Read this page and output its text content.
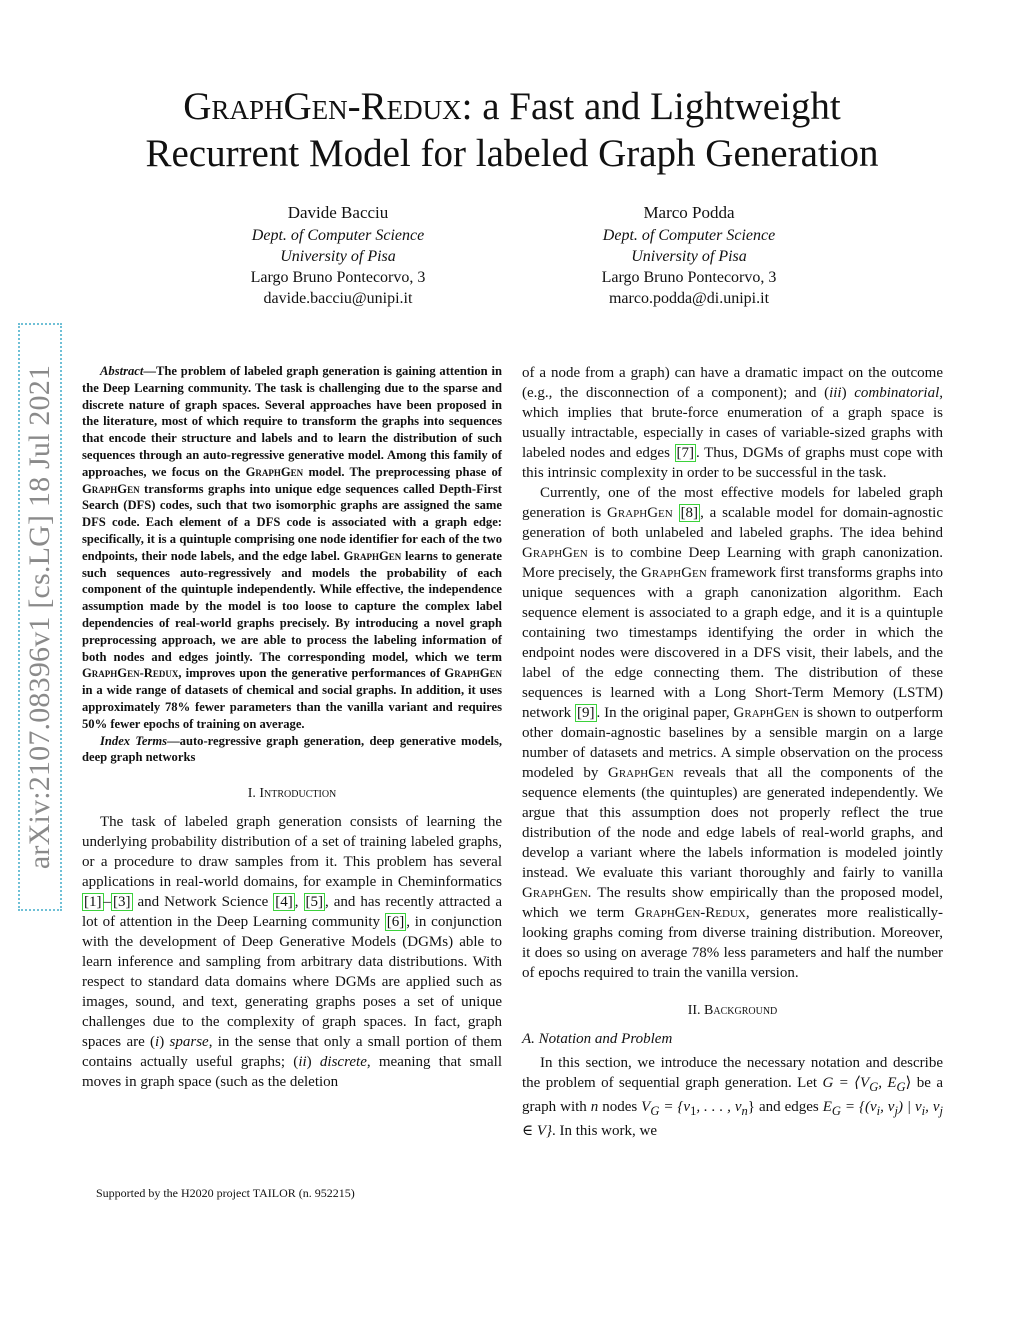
arXiv:2107.08396v1 [cs.LG] 18 Jul 2021
GraphGen-Redux: a Fast and Lightweight
Recurrent Model for labeled Graph Generation
Davide Bacciu
Dept. of Computer Science
University of Pisa
Largo Bruno Pontecorvo, 3
davide.bacciu@unipi.it
Marco Podda
Dept. of Computer Science
University of Pisa
Largo Bruno Pontecorvo, 3
marco.podda@di.unipi.it

Abstract—The problem of labeled graph generation is gaining attention in the Deep Learning community. The task is challenging due to the sparse and discrete nature of graph spaces. Several approaches have been proposed in the literature, most of which require to transform the graphs into sequences that encode their structure and labels and to learn the distribution of such sequences through an auto-regressive generative model. Among this family of approaches, we focus on the GraphGen model. The preprocessing phase of GraphGen transforms graphs into unique edge sequences called Depth-First Search (DFS) codes, such that two isomorphic graphs are assigned the same DFS code. Each element of a DFS code is associated with a graph edge: specifically, it is a quintuple comprising one node identifier for each of the two endpoints, their node labels, and the edge label. GraphGen learns to generate such sequences auto-regressively and models the probability of each component of the quintuple independently. While effective, the independence assumption made by the model is too loose to capture the complex label dependencies of real-world graphs precisely. By introducing a novel graph preprocessing approach, we are able to process the labeling information of both nodes and edges jointly. The corresponding model, which we term GraphGen-Redux, improves upon the generative performances of GraphGen in a wide range of datasets of chemical and social graphs. In addition, it uses approximately 78% fewer parameters than the vanilla variant and requires 50% fewer epochs of training on average.

Index Terms—auto-regressive graph generation, deep generative models, deep graph networks

I. Introduction

The task of labeled graph generation consists of learning the underlying probability distribution of a set of training labeled graphs, or a procedure to draw samples from it. This problem has several applications in real-world domains, for example in Cheminformatics [1] – [3] and Network Science [4] , [5] , and has recently attracted a lot of attention in the Deep Learning community [6] , in conjunction with the development of Deep Generative Models (DGMs) able to learn inference and sampling from arbitrary data distributions. With respect to standard data domains where DGMs are applied such as images, sound, and text, generating graphs poses a set of unique challenges due to the complexity of graph spaces. In fact, graph spaces are (i) sparse, in the sense that only a small portion of them contains actually useful graphs; (ii) discrete, meaning that small moves in graph space (such as the deletion

of a node from a graph) can have a dramatic impact on the outcome (e.g., the disconnection of a component); and (iii) combinatorial, which implies that brute-force enumeration of a graph space is usually intractable, especially in cases of variable-sized graphs with labeled nodes and edges [7] . Thus, DGMs of graphs must cope with this intrinsic complexity in order to be successful in the task.

Currently, one of the most effective models for labeled graph generation is GraphGen [8] , a scalable model for domain-agnostic generation of both unlabeled and labeled graphs. The idea behind GraphGen is to combine Deep Learning with graph canonization. More precisely, the GraphGen framework first transforms graphs into unique sequences with a graph canonization algorithm. Each sequence element is associated to a graph edge, and it is a quintuple containing two timestamps identifying the order in which the endpoint nodes were discovered in a DFS visit, their labels, and the label of the edge connecting them. The distribution of these sequences is learned with a Long Short-Term Memory (LSTM) network [9] . In the original paper, GraphGen is shown to outperform other domain-agnostic baselines by a sensible margin on a large number of datasets and metrics. A simple observation on the process modeled by GraphGen reveals that all the components of the sequence elements (the quintuples) are generated independently. We argue that this assumption does not properly reflect the true distribution of the node and edge labels of real-world graphs, and develop a variant where the labels information is modeled jointly instead. We evaluate this variant thoroughly and fairly to vanilla GraphGen. The results show empirically than the proposed model, which we term GraphGen-Redux, generates more realistically-looking graphs coming from diverse training distribution. Moreover, it does so using on average 78% less parameters and half the number of epochs required to train the vanilla version.

II. Background
A. Notation and Problem

In this section, we introduce the necessary notation and describe the problem of sequential graph generation. Let $G = ⟨V_G$, $E_G⟩$ be a graph with n nodes $V_G = \{v_1$, . . . , $v_n$} and edges $E_G = \{(v_i$, $v_j$) | $v_i$, $v_j$ ∈ V}. In this work, we

Supported by the H2020 project TAILOR (n. 952215)
